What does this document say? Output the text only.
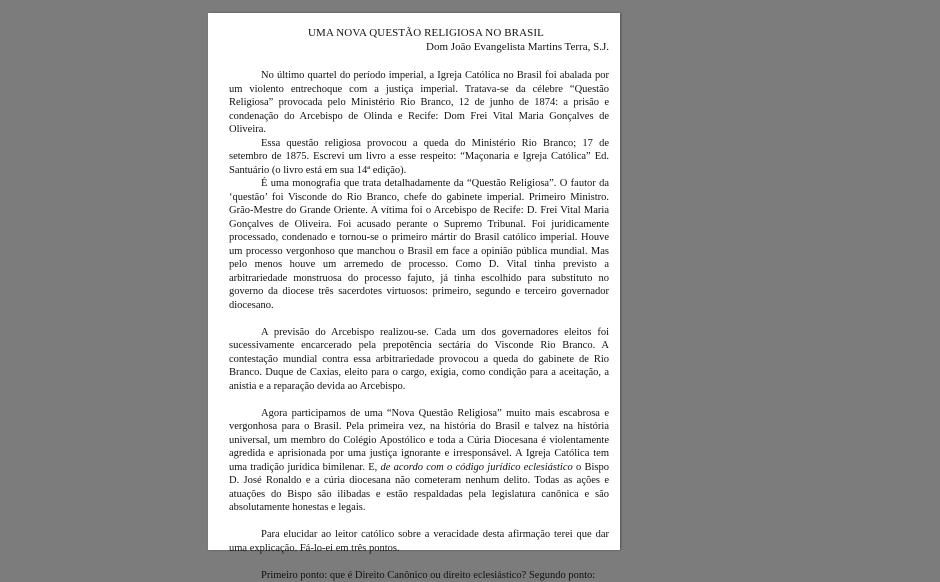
UMA NOVA QUESTÃO RELIGIOSA NO BRASIL
Dom João Evangelista Martins Terra, S.J.

No último quartel do período imperial, a Igreja Católica no Brasil foi abalada por um violento entrechoque com a justiça imperial. Tratava-se da célebre “Questão Religiosa” provocada pelo Ministério Rio Branco, 12 de junho de 1874: a prisão e condenação do Arcebispo de Olinda e Recife: Dom Frei Vital Maria Gonçalves de Oliveira.

Essa questão religiosa provocou a queda do Ministério Rio Branco; 17 de setembro de 1875. Escrevi um livro a esse respeito: “Maçonaria e Igreja Católica” Ed. Santuário (o livro está em sua 14ª edição).

É uma monografia que trata detalhadamente da “Questão Religiosa”. O fautor da ‘questão’ foi Visconde do Rio Branco, chefe do gabinete imperial. Primeiro Ministro. Grão-Mestre do Grande Oriente. A vítima foi o Arcebispo de Recife: D. Frei Vital Maria Gonçalves de Oliveira. Foi acusado perante o Supremo Tribunal. Foi juridicamente processado, condenado e tornou-se o primeiro mártir do Brasil católico imperial. Houve um processo vergonhoso que manchou o Brasil em face a opinião pública mundial. Mas pelo menos houve um arremedo de processo. Como D. Vital tinha previsto a arbitrariedade monstruosa do processo fajuto, já tinha escolhido para substituto no governo da diocese três sacerdotes virtuosos: primeiro, segundo e terceiro governador diocesano.

A previsão do Arcebispo realizou-se. Cada um dos governadores eleitos foi sucessivamente encarcerado pela prepotência sectária do Visconde Rio Branco. A contestação mundial contra essa arbitrariedade provocou a queda do gabinete de Rio Branco. Duque de Caxias, eleito para o cargo, exigia, como condição para a aceitação, a anistia e a reparação devida ao Arcebispo.

Agora participamos de uma “Nova Questão Religiosa” muito mais escabrosa e vergonhosa para o Brasil. Pela primeira vez, na história do Brasil e talvez na história universal, um membro do Colégio Apostólico e toda a Cúria Diocesana é violentamente agredida e aprisionada por uma justiça ignorante e irresponsável. A Igreja Católica tem uma tradição jurídica bimilenar. E, de acordo com o código jurídico eclesiástico o Bispo D. José Ronaldo e a cúria diocesana não cometeram nenhum delito. Todas as ações e atuações do Bispo são ilibadas e estão respaldadas pela legislatura canônica e são absolutamente honestas e legais.

Para elucidar ao leitor católico sobre a veracidade desta afirmação terei que dar uma explicação. Fá-lo-ei em três pontos.

Primeiro ponto: que é Direito Canônico ou direito eclesiástico? Segundo ponto:
